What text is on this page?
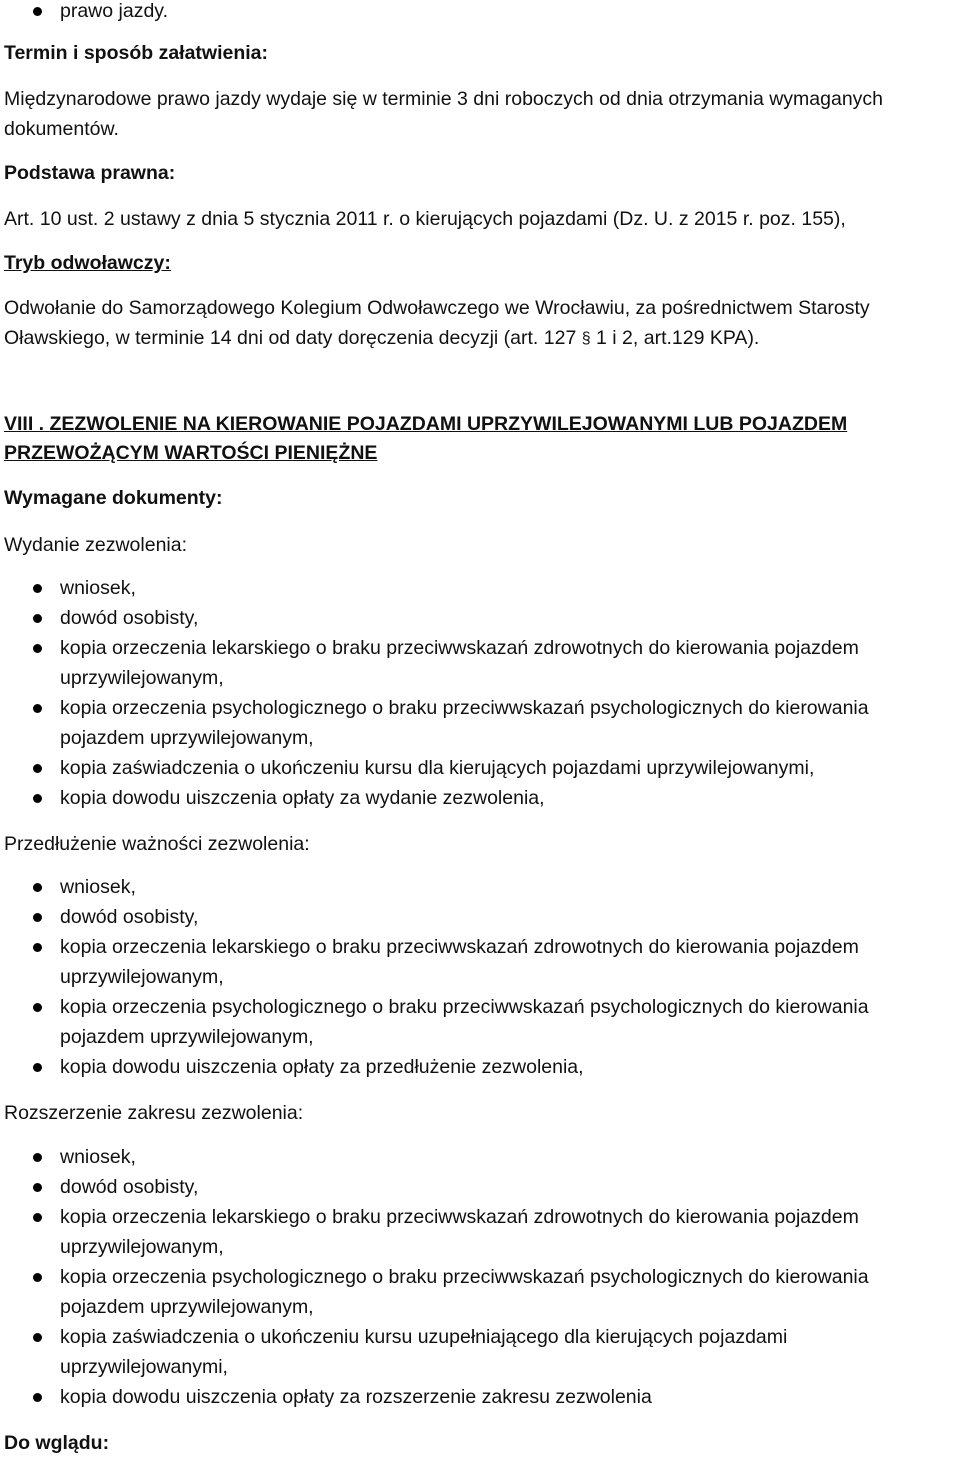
prawo jazdy.
Termin i sposób załatwienia:
Międzynarodowe prawo jazdy wydaje się w terminie 3 dni roboczych od dnia otrzymania wymaganych dokumentów.
Podstawa prawna:
Art. 10 ust. 2 ustawy z dnia 5 stycznia 2011 r. o kierujących pojazdami (Dz. U. z 2015 r. poz. 155),
Tryb odwoławczy:
Odwołanie do Samorządowego Kolegium Odwoławczego we Wrocławiu, za pośrednictwem Starosty Oławskiego, w terminie 14 dni od daty doręczenia decyzji (art. 127 § 1 i 2, art.129 KPA).
VIII . ZEZWOLENIE NA KIEROWANIE POJAZDAMI UPRZYWILEJOWANYMI LUB POJAZDEM PRZEWOŻĄCYM WARTOŚCI PIENIĘŻNE
Wymagane dokumenty:
Wydanie zezwolenia:
wniosek,
dowód osobisty,
kopia orzeczenia lekarskiego o braku przeciwwskazań zdrowotnych do kierowania pojazdem uprzywilejowanym,
kopia orzeczenia psychologicznego o braku przeciwwskazań psychologicznych do kierowania pojazdem uprzywilejowanym,
kopia zaświadczenia o ukończeniu kursu dla kierujących pojazdami uprzywilejowanymi,
kopia dowodu uiszczenia opłaty za wydanie zezwolenia,
Przedłużenie ważności zezwolenia:
wniosek,
dowód osobisty,
kopia orzeczenia lekarskiego o braku przeciwwskazań zdrowotnych do kierowania pojazdem uprzywilejowanym,
kopia orzeczenia psychologicznego o braku przeciwwskazań psychologicznych do kierowania pojazdem uprzywilejowanym,
kopia dowodu uiszczenia opłaty za przedłużenie zezwolenia,
Rozszerzenie zakresu zezwolenia:
wniosek,
dowód osobisty,
kopia orzeczenia lekarskiego o braku przeciwwskazań zdrowotnych do kierowania pojazdem uprzywilejowanym,
kopia orzeczenia psychologicznego o braku przeciwwskazań psychologicznych do kierowania pojazdem uprzywilejowanym,
kopia zaświadczenia o ukończeniu kursu uzupełniającego dla kierujących pojazdami uprzywilejowanymi,
kopia dowodu uiszczenia opłaty za rozszerzenie zakresu zezwolenia
Do wglądu:
